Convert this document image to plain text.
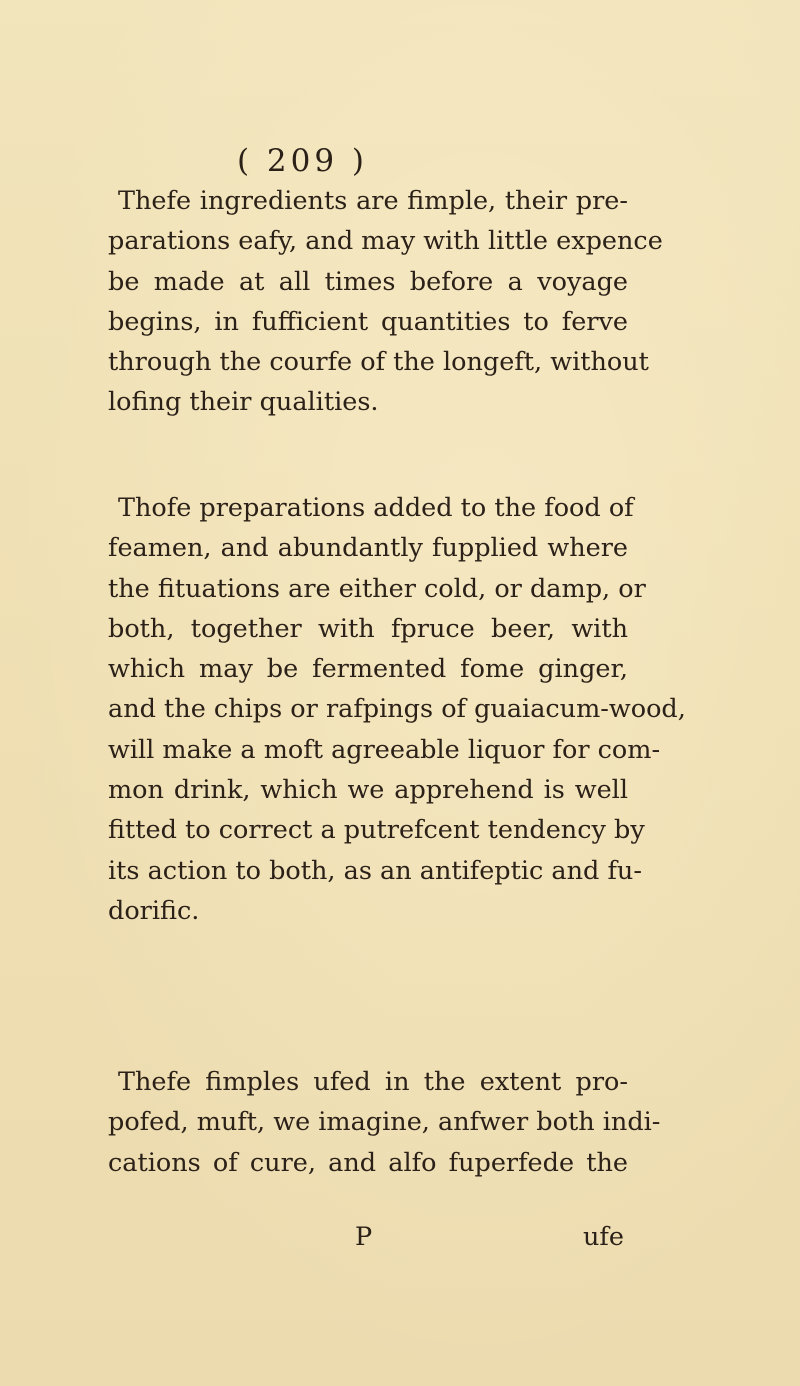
( 209 )
Thefe ingredients are fimple, their pre-
parations eafy, and may with little expence
be made at all times before a voyage
begins, in fufficient quantities to ferve
through the courfe of the longeft, without
lofing their qualities.
Thofe preparations added to the food of
feamen, and abundantly fupplied where
the fituations are either cold, or damp, or
both, together with fpruce beer, with
which may be fermented fome ginger,
and the chips or rafpings of guaiacum-wood,
will make a moft agreeable liquor for com-
mon drink, which we apprehend is well
fitted to correct a putrefcent tendency by
its action to both, as an antifeptic and fu-
dorific.
Thefe fimples ufed in the extent pro-
pofed, muft, we imagine, anfwer both indi-
cations of cure, and alfo fuperfede the
P	ufe
